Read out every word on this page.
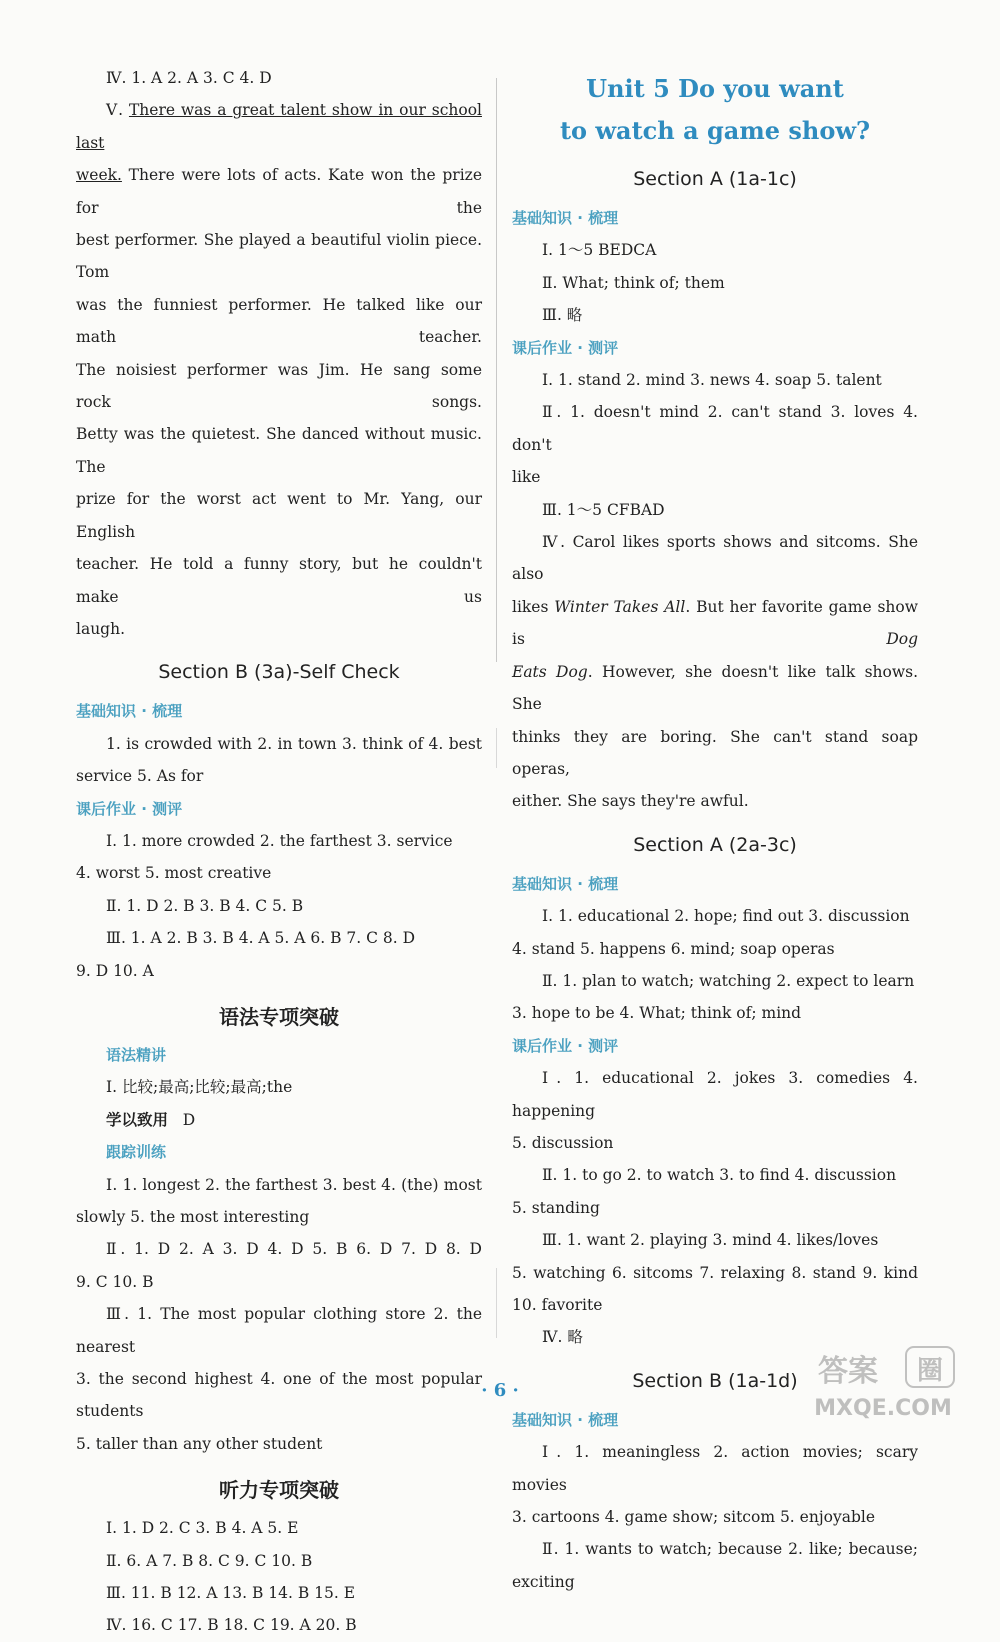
Ⅳ. 1. A 2. A 3. C 4. D

Ⅴ. There was a great talent show in our school last

week. There were lots of acts. Kate won the prize for the

best performer. She played a beautiful violin piece. Tom

was the funniest performer. He talked like our math teacher.

The noisiest performer was Jim. He sang some rock songs.

Betty was the quietest. She danced without music. The

prize for the worst act went to Mr. Yang, our English

teacher. He told a funny story, but he couldn't make us

laugh.

Section B (3a)-Self Check
基础知识 · 梳理

1. is crowded with 2. in town 3. think of 4. best

service 5. As for

课后作业 · 测评

Ⅰ. 1. more crowded 2. the farthest 3. service

4. worst 5. most creative

Ⅱ. 1. D 2. B 3. B 4. C 5. B

Ⅲ. 1. A 2. B 3. B 4. A 5. A 6. B 7. C 8. D

9. D 10. A

语法专项突破
语法精讲

Ⅰ. 比较;最高;比较;最高;the

学以致用 D

跟踪训练

Ⅰ. 1. longest 2. the farthest 3. best 4. (the) most

slowly 5. the most interesting

Ⅱ. 1. D 2. A 3. D 4. D 5. B 6. D 7. D 8. D

9. C 10. B

Ⅲ. 1. The most popular clothing store 2. the nearest

3. the second highest 4. one of the most popular students

5. taller than any other student

听力专项突破

Ⅰ. 1. D 2. C 3. B 4. A 5. E

Ⅱ. 6. A 7. B 8. C 9. C 10. B

Ⅲ. 11. B 12. A 13. B 14. B 15. E

Ⅳ. 16. C 17. B 18. C 19. A 20. B

Unit 5 Do you want
to watch a game show?
Section A (1a-1c)
基础知识 · 梳理

Ⅰ. 1～5 BEDCA

Ⅱ. What; think of; them

Ⅲ. 略

课后作业 · 测评

Ⅰ. 1. stand 2. mind 3. news 4. soap 5. talent

Ⅱ. 1. doesn't mind 2. can't stand 3. loves 4. don't

like

Ⅲ. 1～5 CFBAD

Ⅳ. Carol likes sports shows and sitcoms. She also

likes Winter Takes All. But her favorite game show is Dog

Eats Dog. However, she doesn't like talk shows. She

thinks they are boring. She can't stand soap operas,

either. She says they're awful.

Section A (2a-3c)
基础知识 · 梳理

Ⅰ. 1. educational 2. hope; find out 3. discussion

4. stand 5. happens 6. mind; soap operas

Ⅱ. 1. plan to watch; watching 2. expect to learn

3. hope to be 4. What; think of; mind

课后作业 · 测评

Ⅰ. 1. educational 2. jokes 3. comedies 4. happening

5. discussion

Ⅱ. 1. to go 2. to watch 3. to find 4. discussion

5. standing

Ⅲ. 1. want 2. playing 3. mind 4. likes/loves

5. watching 6. sitcoms 7. relaxing 8. stand 9. kind

10. favorite

Ⅳ. 略

Section B (1a-1d)
基础知识 · 梳理

Ⅰ. 1. meaningless 2. action movies; scary movies

3. cartoons 4. game show; sitcom 5. enjoyable

Ⅱ. 1. wants to watch; because 2. like; because; exciting

· 6 ·
答案 圈
MXQE.COM
